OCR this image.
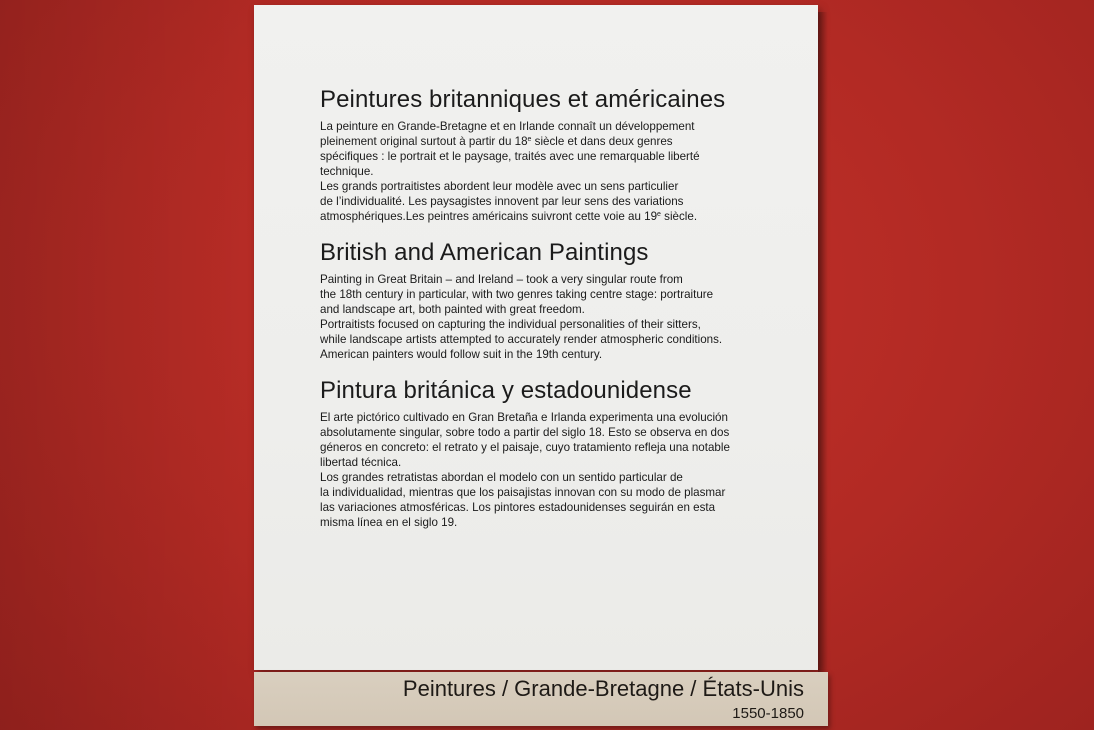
Peintures britanniques et américaines

La peinture en Grande-Bretagne et en Irlande connaît un développement

pleinement original surtout à partir du 18e siècle et dans deux genres

spécifiques : le portrait et le paysage, traités avec une remarquable liberté

technique.

Les grands portraitistes abordent leur modèle avec un sens particulier

de l’individualité. Les paysagistes innovent par leur sens des variations

atmosphériques.Les peintres américains suivront cette voie au 19e siècle.

British and American Paintings

Painting in Great Britain – and Ireland – took a very singular route from

the 18th century in particular, with two genres taking centre stage: portraiture

and landscape art, both painted with great freedom.

Portraitists focused on capturing the individual personalities of their sitters,

while landscape artists attempted to accurately render atmospheric conditions.

American painters would follow suit in the 19th century.

Pintura británica y estadounidense

El arte pictórico cultivado en Gran Bretaña e Irlanda experimenta una evolución

absolutamente singular, sobre todo a partir del siglo 18. Esto se observa en dos

géneros en concreto: el retrato y el paisaje, cuyo tratamiento refleja una notable

libertad técnica.

Los grandes retratistas abordan el modelo con un sentido particular de

la individualidad, mientras que los paisajistas innovan con su modo de plasmar

las variaciones atmosféricas. Los pintores estadounidenses seguirán en esta

misma línea en el siglo 19.

Peintures / Grande-Bretagne / États-Unis
1550-1850
